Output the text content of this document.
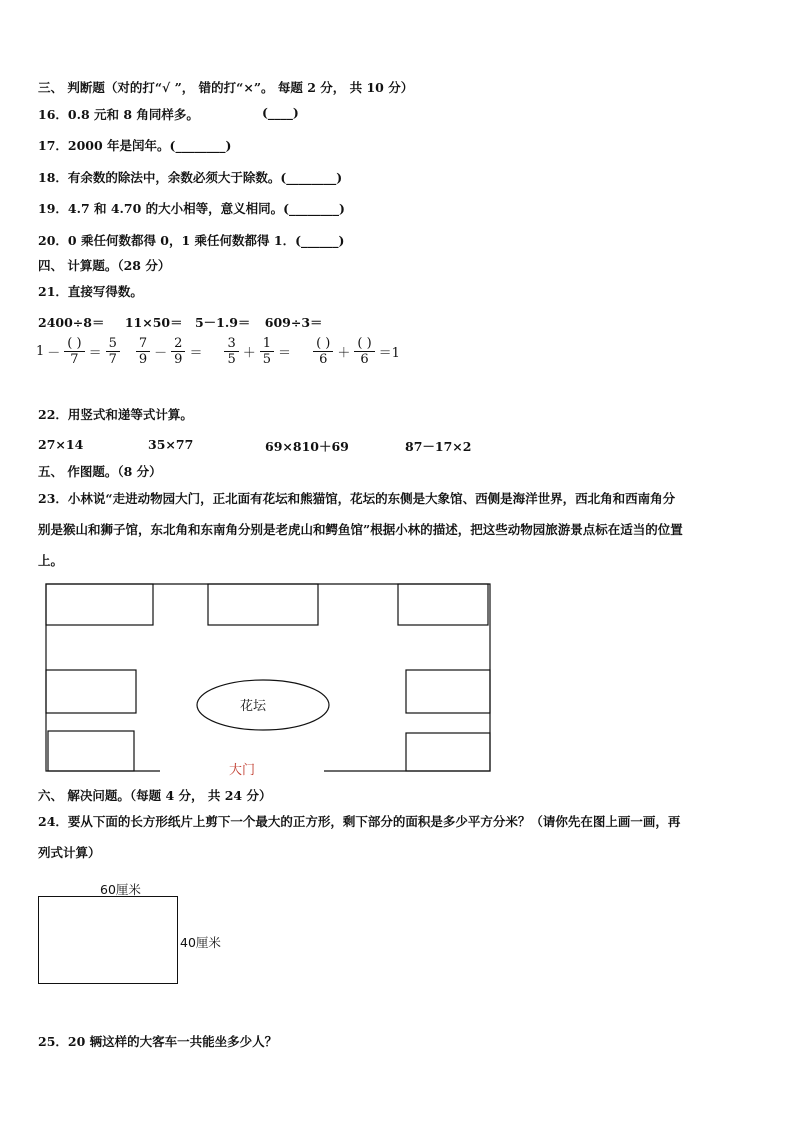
三、 判断题（对的打“√ ”， 错的打“×”。 每题 2 分， 共 10 分）
16．0.8 元和 8 角同样多。	(____)
17．2000 年是闰年。(________)
18．有余数的除法中，余数必须大于除数。(________)
19．4.7 和 4.70 的大小相等，意义相同。(________)
20．0 乘任何数都得 0，1 乘任何数都得 1．(______)
四、 计算题。（28 分）
21．直接写得数。
2400÷8＝ 11×50＝ 5－1.9＝ 609÷3＝
$1 - \frac{( )}{7} = \frac{5}{7} \frac{7}{9} - \frac{2}{9} = \frac{3}{5} + \frac{1}{5} = \frac{( )}{6} + \frac{( )}{6} =1$
22．用竖式和递等式计算。
27×14	35×77	69×810＋69	87－17×2
五、 作图题。（8 分）
23．小林说“走进动物园大门，正北面有花坛和熊猫馆，花坛的东侧是大象馆、西侧是海洋世界，西北角和西南角分
别是猴山和狮子馆，东北角和东南角分别是老虎山和鳄鱼馆”根据小林的描述，把这些动物园旅游景点标在适当的位置
上。
花坛
大门
六、 解决问题。（每题 4 分， 共 24 分）
24．要从下面的长方形纸片上剪下一个最大的正方形，剩下部分的面积是多少平方分米？（请你先在图上画一画，再
列式计算）
60厘米
40厘米
25．20 辆这样的大客车一共能坐多少人？
